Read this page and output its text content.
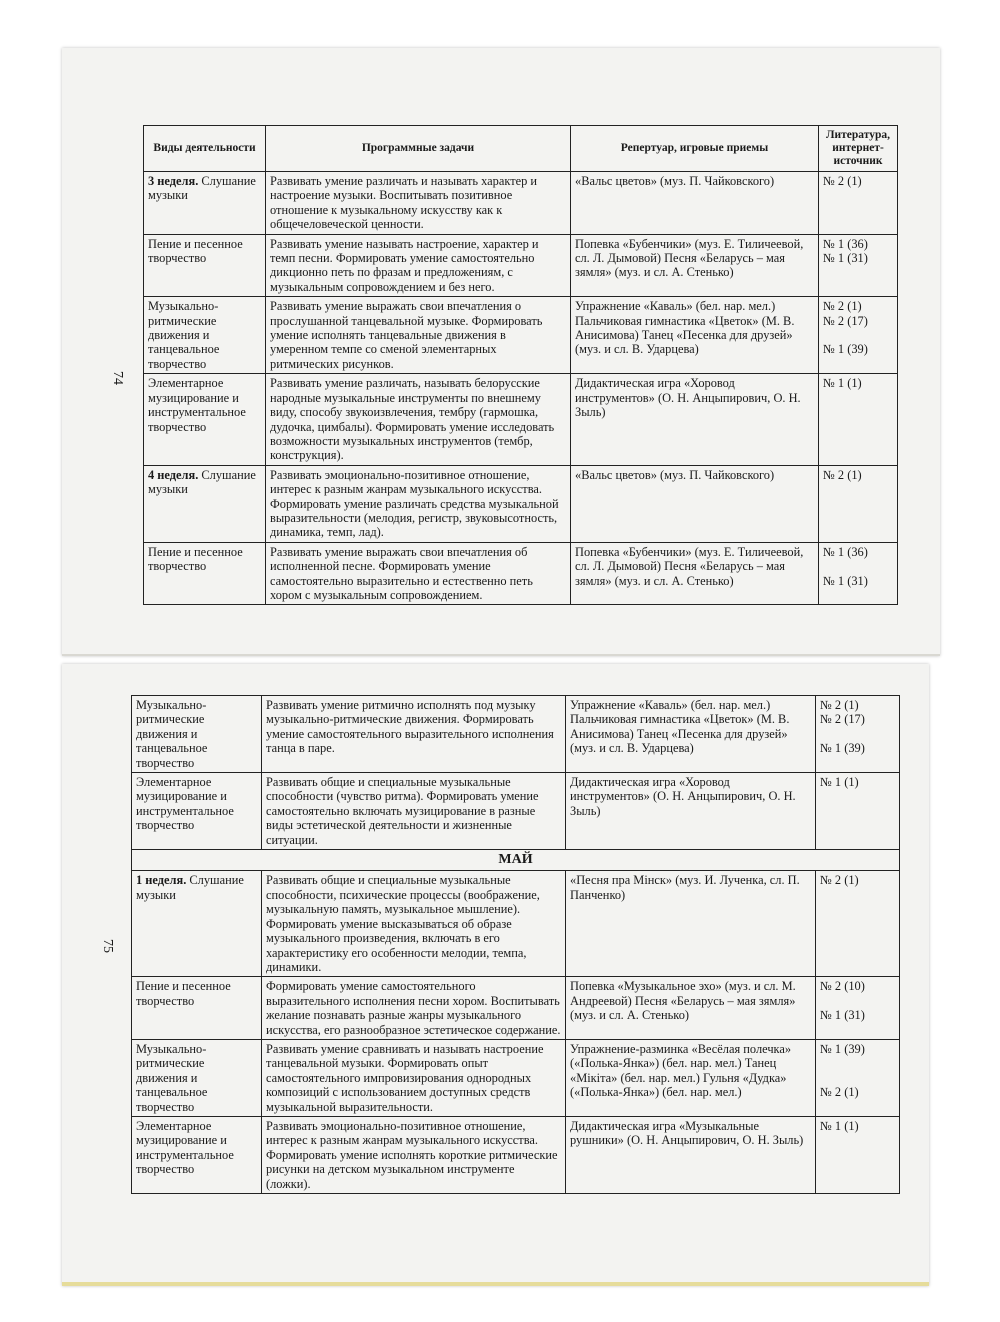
74
Виды деятельности	Программные задачи	Репертуар, игровые приемы	Литература, интернет-источник
3 неделя. Слушание музыки	Развивать умение различать и называть характер и настроение музыки. Воспитывать позитивное отношение к музыкальному искусству как к общечеловеческой ценности.	«Вальс цветов» (муз. П. Чайковского)	№ 2 (1)
Пение и песенное творчество	Развивать умение называть настроение, характер и темп песни. Формировать умение самостоятельно дикционно петь по фразам и предложениям, с музыкальным сопровождением и без него.	Попевка «Бубенчики» (муз. Е. Тиличеевой, сл. Л. Дымовой) Песня «Беларусь – мая зямля» (муз. и сл. А. Стенько)	№ 1 (36)
№ 1 (31)
Музыкально-ритмические движения и танцевальное творчество	Развивать умение выражать свои впечатления о прослушанной танцевальной музыке. Формировать умение исполнять танцевальные движения в умеренном темпе со сменой элементарных ритмических рисунков.	Упражнение «Каваль» (бел. нар. мел.) Пальчиковая гимнастика «Цветок» (М. В. Анисимова) Танец «Песенка для друзей» (муз. и сл. В. Ударцева)	№ 2 (1)
№ 2 (17)

№ 1 (39)
Элементарное музицирование и инструментальное творчество	Развивать умение различать, называть белорусские народные музыкальные инструменты по внешнему виду, способу звукоизвлечения, тембру (гармошка, дудочка, цимбалы). Формировать умение исследовать возможности музыкальных инструментов (тембр, конструкция).	Дидактическая игра «Хоровод инструментов» (О. Н. Анцыпирович, О. Н. Зыль)	№ 1 (1)
4 неделя. Слушание музыки	Развивать эмоционально-позитивное отношение, интерес к разным жанрам музыкального искусства. Формировать умение различать средства музыкальной выразительности (мелодия, регистр, звуковысотность, динамика, темп, лад).	«Вальс цветов» (муз. П. Чайковского)	№ 2 (1)
Пение и песенное творчество	Развивать умение выражать свои впечатления об исполненной песне. Формировать умение самостоятельно выразительно и естественно петь хором с музыкальным сопровождением.	Попевка «Бубенчики» (муз. Е. Тиличеевой, сл. Л. Дымовой) Песня «Беларусь – мая зямля» (муз. и сл. А. Стенько)	№ 1 (36)

№ 1 (31)
75
Музыкально-ритмические движения и танцевальное творчество	Развивать умение ритмично исполнять под музыку музыкально-ритмические движения. Формировать умение самостоятельного выразительного исполнения танца в паре.	Упражнение «Каваль» (бел. нар. мел.) Пальчиковая гимнастика «Цветок» (М. В. Анисимова) Танец «Песенка для друзей» (муз. и сл. В. Ударцева)	№ 2 (1)
№ 2 (17)

№ 1 (39)
Элементарное музицирование и инструментальное творчество	Развивать общие и специальные музыкальные способности (чувство ритма). Формировать умение самостоятельно включать музицирование в разные виды эстетической деятельности и жизненные ситуации.	Дидактическая игра «Хоровод инструментов» (О. Н. Анцыпирович, О. Н. Зыль)	№ 1 (1)
МАЙ			
1 неделя. Слушание музыки	Развивать общие и специальные музыкальные способности, психические процессы (воображение, музыкальную память, музыкальное мышление). Формировать умение высказываться об образе музыкального произведения, включать в его характеристику его особенности мелодии, темпа, динамики.	«Песня пра Мінск» (муз. И. Лученка, сл. П. Панченко)	№ 2 (1)
Пение и песенное творчество	Формировать умение самостоятельного выразительного исполнения песни хором. Воспитывать желание познавать разные жанры музыкального искусства, его разнообразное эстетическое содержание.	Попевка «Музыкальное эхо» (муз. и сл. М. Андреевой) Песня «Беларусь – мая зямля» (муз. и сл. А. Стенько)	№ 2 (10)

№ 1 (31)
Музыкально-ритмические движения и танцевальное творчество	Развивать умение сравнивать и называть настроение танцевальной музыки. Формировать опыт самостоятельного импровизирования однородных композиций с использованием доступных средств музыкальной выразительности.	Упражнение-разминка «Весёлая полечка» («Полька-Янка») (бел. нар. мел.) Танец «Мікіта» (бел. нар. мел.) Гульня «Дудка» («Полька-Янка») (бел. нар. мел.)	№ 1 (39)

№ 2 (1)
Элементарное музицирование и инструментальное творчество	Развивать эмоционально-позитивное отношение, интерес к разным жанрам музыкального искусства. Формировать умение исполнять короткие ритмические рисунки на детском музыкальном инструменте (ложки).	Дидактическая игра «Музыкальные рушники» (О. Н. Анцыпирович, О. Н. Зыль)	№ 1 (1)
